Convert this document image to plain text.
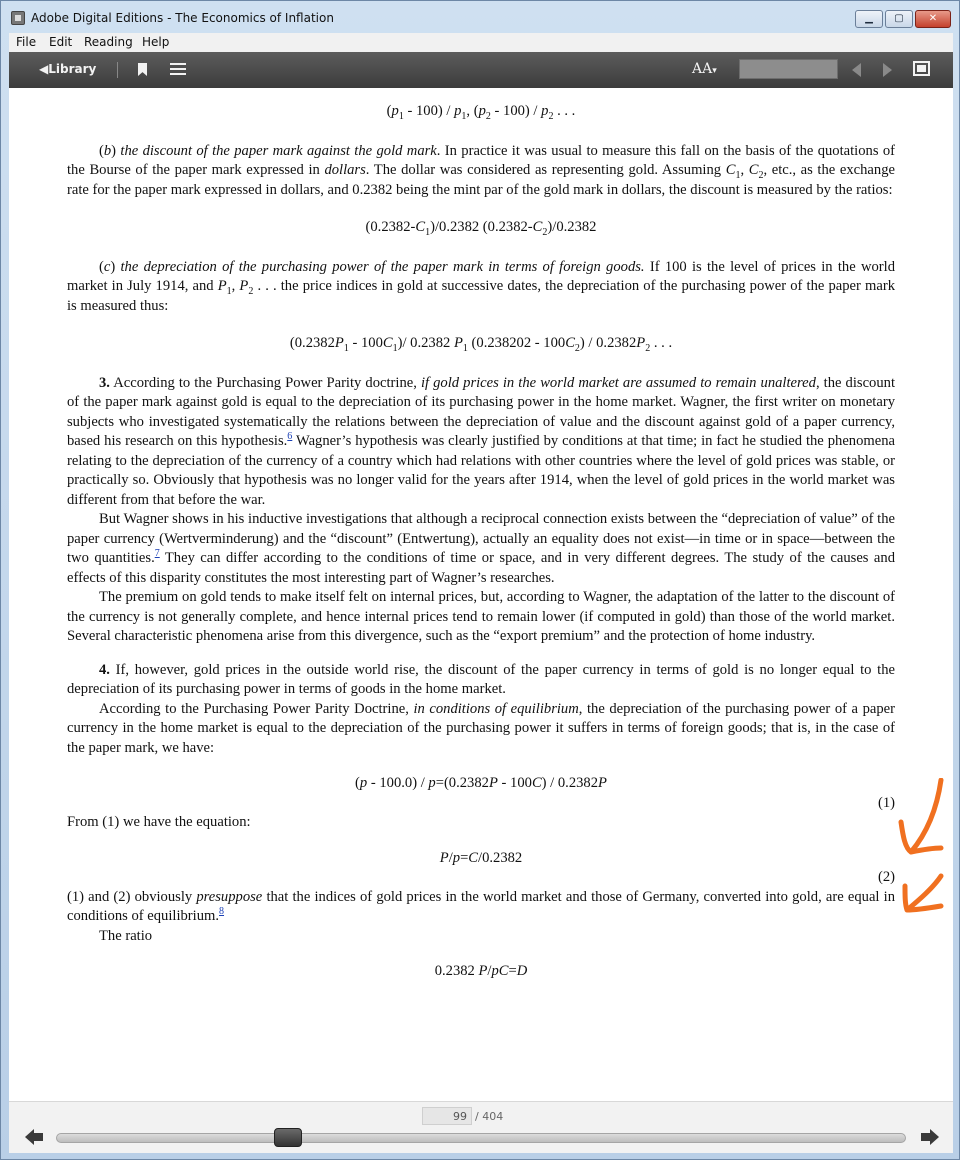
Adobe Digital Editions - The Economics of Inflation	▁	▢	✕
File Edit Reading Help
◀Library	AA▾
$(p_1 - 100) / p_1$, $(p_2 - 100) / p_2$ . . .

(b) the discount of the paper mark against the gold mark. In practice it was usual to measure this fall on the basis of the quotations of the Bourse of the paper mark expressed in dollars. The dollar was considered as representing gold. Assuming $C_1$, $C_2$, etc., as the exchange rate for the paper mark expressed in dollars, and 0.2382 being the mint par of the gold mark in dollars, the discount is measured by the ratios:

$(0.2382-C_1)/0.2382$ $(0.2382-C_2)/0.2382$

(c) the depreciation of the purchasing power of the paper mark in terms of foreign goods. If 100 is the level of prices in the world market in July 1914, and $P_1$, $P_2$ . . . the price indices in gold at successive dates, the depreciation of the purchasing power of the paper mark is measured thus:

$(0.2382P_1 - 100C_1)/$ 0.2382 $P_1$ $(0.238202 - 100C_2) / 0.2382P_2$ . . .

3. According to the Purchasing Power Parity doctrine, if gold prices in the world market are assumed to remain unaltered, the discount of the paper mark against gold is equal to the depreciation of its purchasing power in the home market. Wagner, the first writer on monetary subjects who investigated systematically the relations between the depreciation of value and the discount against gold of a paper currency, based his research on this hypothesis.$^6$ Wagner’s hypothesis was clearly justified by conditions at that time; in fact he studied the phenomena relating to the depreciation of the currency of a country which had relations with other countries where the level of gold prices was stable, or practically so. Obviously that hypothesis was no longer valid for the years after 1914, when the level of gold prices in the world market was different from that before the war.

But Wagner shows in his inductive investigations that although a reciprocal connection exists between the “depreciation of value” of the paper currency (Wertverminderung) and the “discount” (Entwertung), actually an equality does not exist—in time or in space—between the two quantities.$^7$ They can differ according to the conditions of time or space, and in very different degrees. The study of the causes and effects of this disparity constitutes the most interesting part of Wagner’s researches.

The premium on gold tends to make itself felt on internal prices, but, according to Wagner, the adaptation of the latter to the discount of the currency is not generally complete, and hence internal prices tend to remain lower (if computed in gold) than those of the world market. Several characteristic phenomena arise from this divergence, such as the “export premium” and the protection of home industry.

4. If, however, gold prices in the outside world rise, the discount of the paper currency in terms of gold is no longer equal to the depreciation of its purchasing power in terms of goods in the home market.

According to the Purchasing Power Parity Doctrine, in conditions of equilibrium, the depreciation of the purchasing power of a paper currency in the home market is equal to the depreciation of the purchasing power it suffers in terms of foreign goods; that is, in the case of the paper mark, we have:

(p - 100.0) / p=(0.2382P - 100C) / 0.2382P
(1)

From (1) we have the equation:

P/p=C/0.2382
(2)

(1) and (2) obviously presuppose that the indices of gold prices in the world market and those of Germany, converted into gold, are equal in conditions of equilibrium.$^8$

The ratio

0.2382 P/pC=D
99 / 404
